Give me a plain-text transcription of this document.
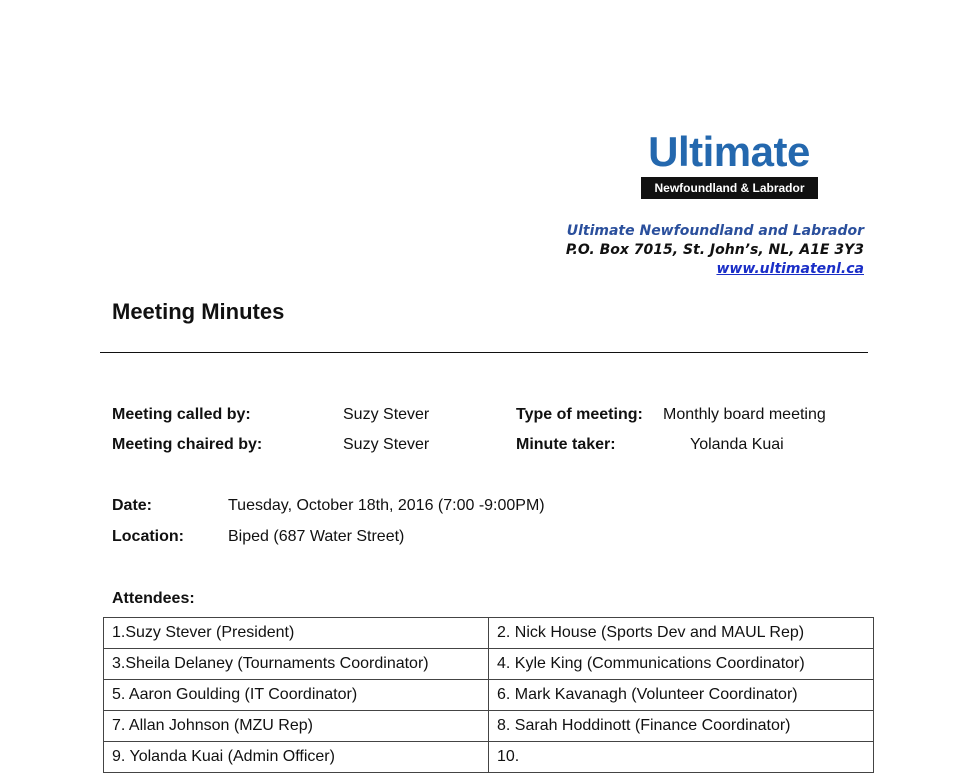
Ultimate
Newfoundland & Labrador
Ultimate Newfoundland and Labrador
P.O. Box 7015, St. John’s, NL, A1E 3Y3
www.ultimatenl.ca
Meeting Minutes
Meeting called by:	Suzy Stever	Type of meeting: Monthly board meeting
Meeting chaired by:	Suzy Stever	Minute taker:	Yolanda Kuai
Date:	Tuesday, October 18th, 2016 (7:00 -9:00PM)
Location:	Biped (687 Water Street)
Attendees:
1.Suzy Stever (President)	2. Nick House (Sports Dev and MAUL Rep)
3.Sheila Delaney (Tournaments Coordinator)	4. Kyle King (Communications Coordinator)
5. Aaron Goulding (IT Coordinator)	6. Mark Kavanagh (Volunteer Coordinator)
7. Allan Johnson (MZU Rep)	8. Sarah Hoddinott (Finance Coordinator)
9. Yolanda Kuai (Admin Officer)	10.
